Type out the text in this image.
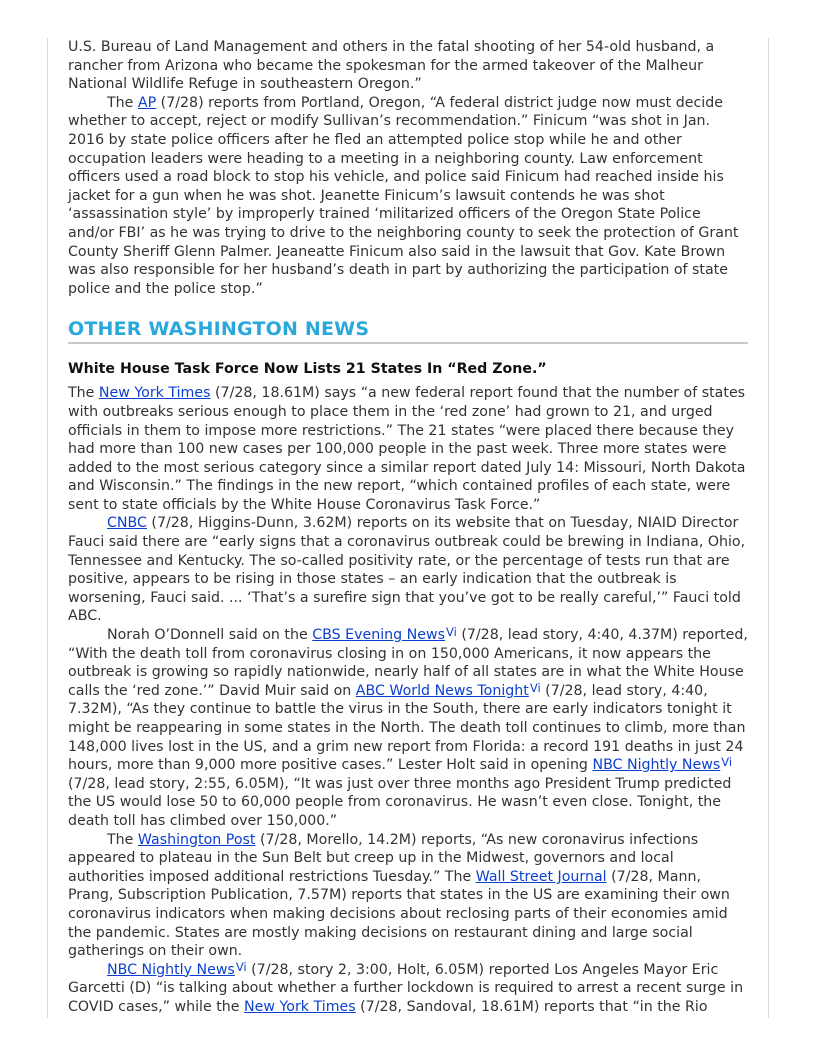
U.S. Bureau of Land Management and others in the fatal shooting of her 54-old husband, a rancher from Arizona who became the spokesman for the armed takeover of the Malheur National Wildlife Refuge in southeastern Oregon.”

The AP (7/28) reports from Portland, Oregon, “A federal district judge now must decide whether to accept, reject or modify Sullivan’s recommendation.” Finicum “was shot in Jan. 2016 by state police officers after he fled an attempted police stop while he and other occupation leaders were heading to a meeting in a neighboring county. Law enforcement officers used a road block to stop his vehicle, and police said Finicum had reached inside his jacket for a gun when he was shot. Jeanette Finicum’s lawsuit contends he was shot ‘assassination style’ by improperly trained ‘militarized officers of the Oregon State Police and/or FBI’ as he was trying to drive to the neighboring county to seek the protection of Grant County Sheriff Glenn Palmer. Jeaneatte Finicum also said in the lawsuit that Gov. Kate Brown was also responsible for her husband’s death in part by authorizing the participation of state police and the police stop.”

OTHER WASHINGTON NEWS
White House Task Force Now Lists 21 States In “Red Zone.”

The New York Times (7/28, 18.61M) says “a new federal report found that the number of states with outbreaks serious enough to place them in the ‘red zone’ had grown to 21, and urged officials in them to impose more restrictions.” The 21 states “were placed there because they had more than 100 new cases per 100,000 people in the past week. Three more states were added to the most serious category since a similar report dated July 14: Missouri, North Dakota and Wisconsin.” The findings in the new report, “which contained profiles of each state, were sent to state officials by the White House Coronavirus Task Force.”

CNBC (7/28, Higgins-Dunn, 3.62M) reports on its website that on Tuesday, NIAID Director Fauci said there are “early signs that a coronavirus outbreak could be brewing in Indiana, Ohio, Tennessee and Kentucky. The so-called positivity rate, or the percentage of tests run that are positive, appears to be rising in those states – an early indication that the outbreak is worsening, Fauci said. ... ‘That’s a surefire sign that you’ve got to be really careful,’” Fauci told ABC.

Norah O’Donnell said on the CBS Evening News$^{Vi}$ (7/28, lead story, 4:40, 4.37M) reported, “With the death toll from coronavirus closing in on 150,000 Americans, it now appears the outbreak is growing so rapidly nationwide, nearly half of all states are in what the White House calls the ‘red zone.’” David Muir said on ABC World News Tonight$^{Vi}$ (7/28, lead story, 4:40, 7.32M), “As they continue to battle the virus in the South, there are early indicators tonight it might be reappearing in some states in the North. The death toll continues to climb, more than 148,000 lives lost in the US, and a grim new report from Florida: a record 191 deaths in just 24 hours, more than 9,000 more positive cases.” Lester Holt said in opening NBC Nightly News$^{Vi}$ (7/28, lead story, 2:55, 6.05M), “It was just over three months ago President Trump predicted the US would lose 50 to 60,000 people from coronavirus. He wasn’t even close. Tonight, the death toll has climbed over 150,000.”

The Washington Post (7/28, Morello, 14.2M) reports, “As new coronavirus infections appeared to plateau in the Sun Belt but creep up in the Midwest, governors and local authorities imposed additional restrictions Tuesday.” The Wall Street Journal (7/28, Mann, Prang, Subscription Publication, 7.57M) reports that states in the US are examining their own coronavirus indicators when making decisions about reclosing parts of their economies amid the pandemic. States are mostly making decisions on restaurant dining and large social gatherings on their own.

NBC Nightly News$^{Vi}$ (7/28, story 2, 3:00, Holt, 6.05M) reported Los Angeles Mayor Eric Garcetti (D) “is talking about whether a further lockdown is required to arrest a recent surge in COVID cases,” while the New York Times (7/28, Sandoval, 18.61M) reports that “in the Rio
